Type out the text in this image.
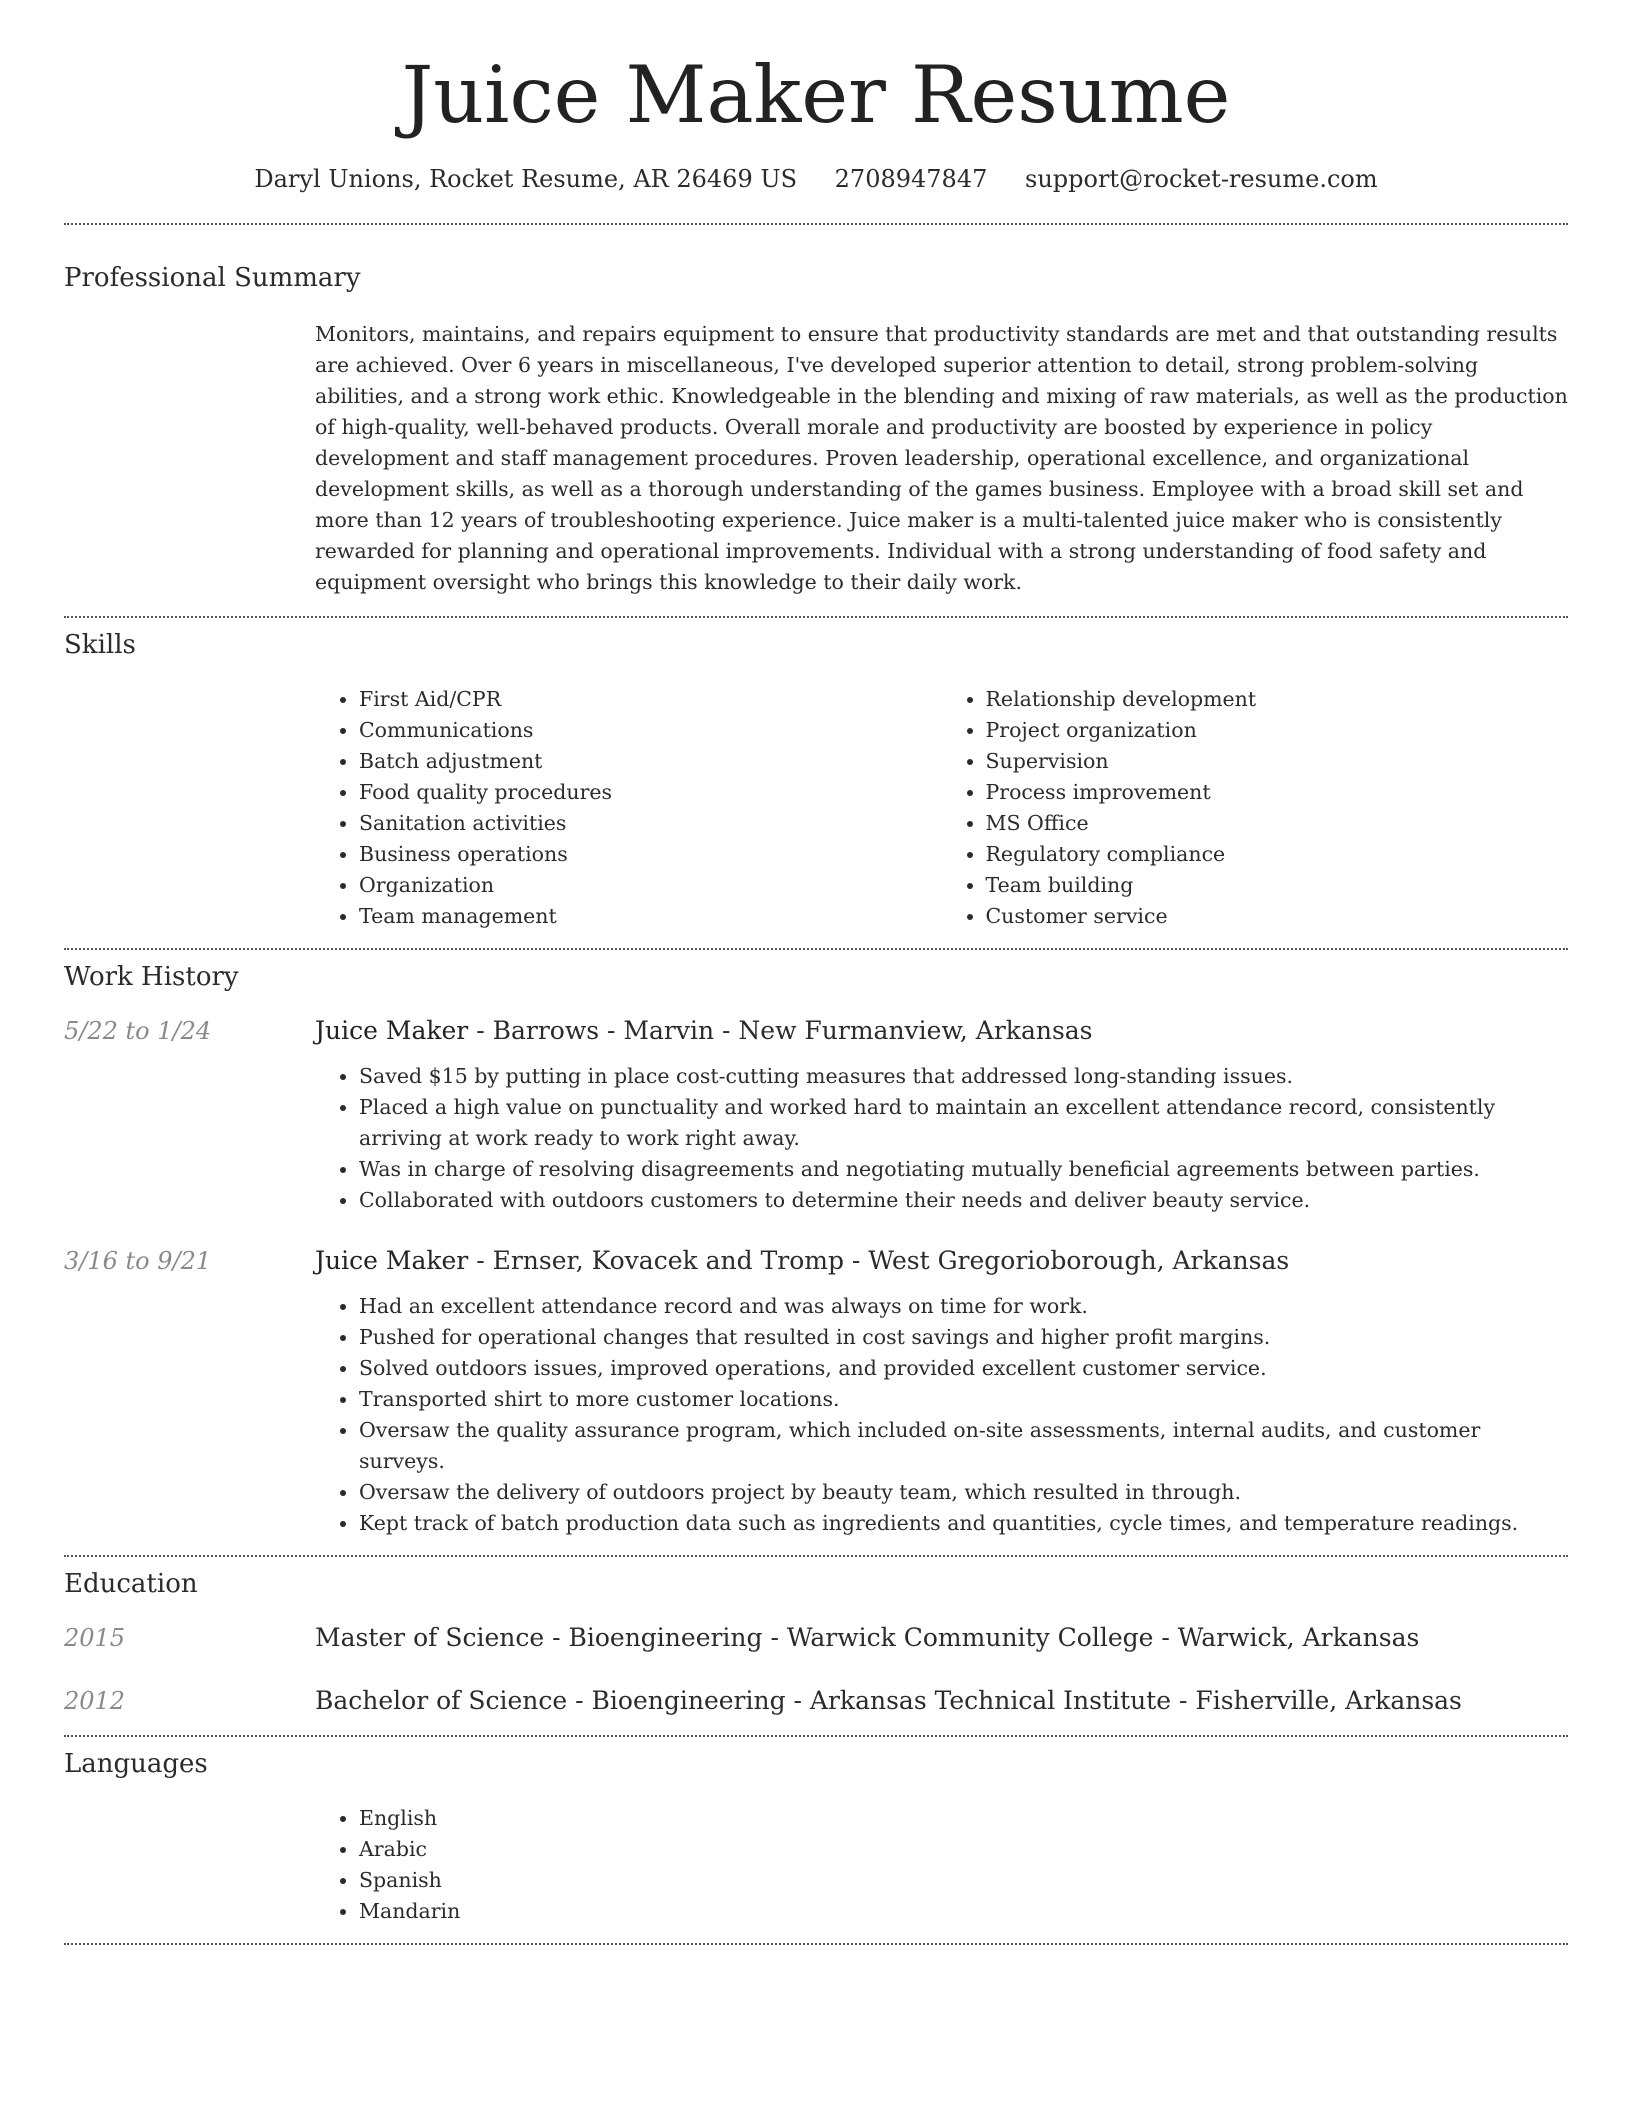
Juice Maker Resume
Daryl Unions, Rocket Resume, AR 26469 US 2708947847 support@rocket-resume.com
Professional Summary

Monitors, maintains, and repairs equipment to ensure that productivity standards are met and that outstanding results are achieved. Over 6 years in miscellaneous, I've developed superior attention to detail, strong problem-solving abilities, and a strong work ethic. Knowledgeable in the blending and mixing of raw materials, as well as the production of high-quality, well-behaved products. Overall morale and productivity are boosted by experience in policy development and staff management procedures. Proven leadership, operational excellence, and organizational development skills, as well as a thorough understanding of the games business. Employee with a broad skill set and more than 12 years of troubleshooting experience. Juice maker is a multi-talented juice maker who is consistently rewarded for planning and operational improvements. Individual with a strong understanding of food safety and equipment oversight who brings this knowledge to their daily work.

Skills
• First Aid/CPR
• Communications
• Batch adjustment
• Food quality procedures
• Sanitation activities
• Business operations
• Organization
• Team management
• Relationship development
• Project organization
• Supervision
• Process improvement
• MS Office
• Regulatory compliance
• Team building
• Customer service
Work History
5/22 to 1/24	Juice Maker - Barrows - Marvin - New Furmanview, Arkansas
• Saved $15 by putting in place cost-cutting measures that addressed long-standing issues.
• Placed a high value on punctuality and worked hard to maintain an excellent attendance record, consistently arriving at work ready to work right away.
• Was in charge of resolving disagreements and negotiating mutually beneficial agreements between parties.
• Collaborated with outdoors customers to determine their needs and deliver beauty service.
3/16 to 9/21	Juice Maker - Ernser, Kovacek and Tromp - West Gregorioborough, Arkansas
• Had an excellent attendance record and was always on time for work.
• Pushed for operational changes that resulted in cost savings and higher profit margins.
• Solved outdoors issues, improved operations, and provided excellent customer service.
• Transported shirt to more customer locations.
• Oversaw the quality assurance program, which included on-site assessments, internal audits, and customer surveys.
• Oversaw the delivery of outdoors project by beauty team, which resulted in through.
• Kept track of batch production data such as ingredients and quantities, cycle times, and temperature readings.
Education
2015	Master of Science - Bioengineering - Warwick Community College - Warwick, Arkansas
2012	Bachelor of Science - Bioengineering - Arkansas Technical Institute - Fisherville, Arkansas
Languages
• English
• Arabic
• Spanish
• Mandarin
